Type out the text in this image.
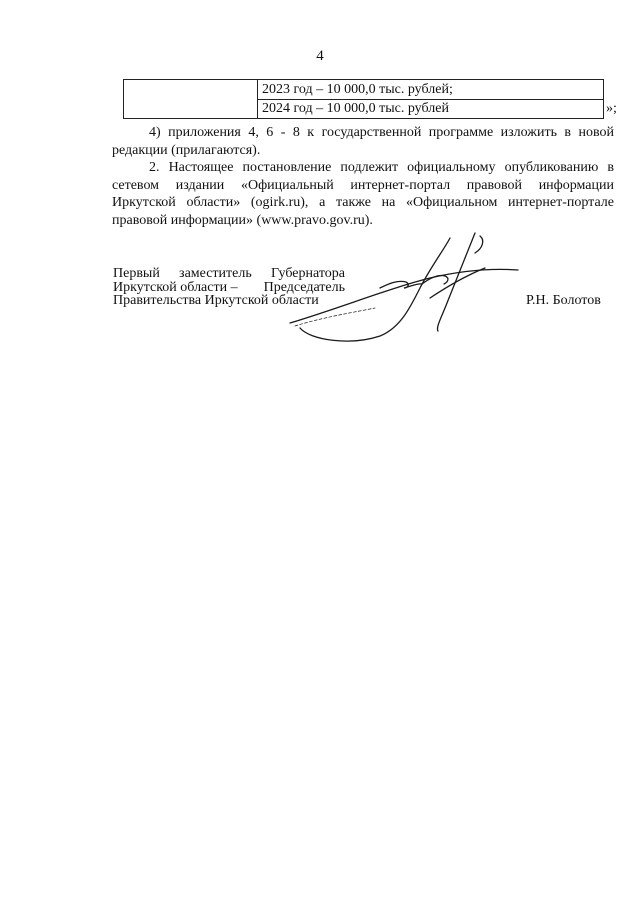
4
2023 год – 10 000,0 тыс. рублей;
2024 год – 10 000,0 тыс. рублей	»;
4) приложения 4, 6 - 8 к государственной программе изложить в новой редакции (прилагаются).
2. Настоящее постановление подлежит официальному опубликованию в сетевом издании «Официальный интернет-портал правовой информации Иркутской области» (ogirk.ru), а также на «Официальном интернет-портале правовой информации» (www.pravo.gov.ru).
Первый заместитель Губернатора
Иркутской области – Председатель
Правительства Иркутской области	Р.Н. Болотов
